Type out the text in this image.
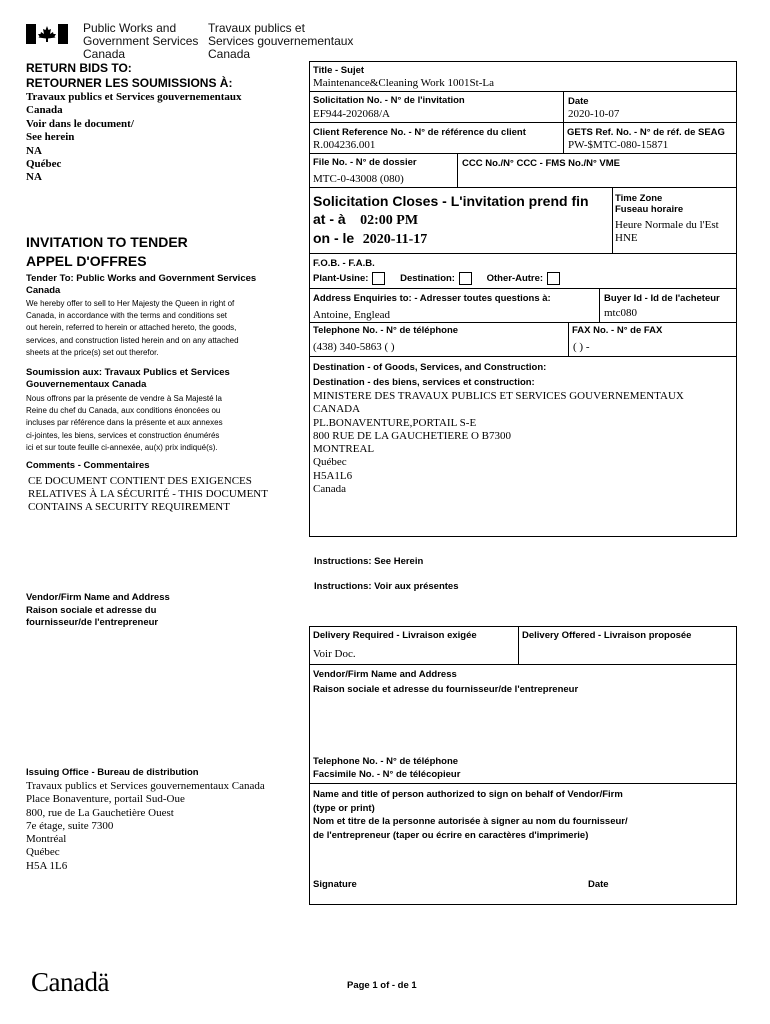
Public Works and
Government Services
Canada
Travaux publics et
Services gouvernementaux
Canada
RETURN BIDS TO:
RETOURNER LES SOUMISSIONS À:
Travaux publics et Services gouvernementaux
Canada
Voir dans le document/
See herein
NA
Québec
NA
INVITATION TO TENDER
APPEL D'OFFRES
Tender To: Public Works and Government Services
Canada
We hereby offer to sell to Her Majesty the Queen in right of
Canada, in accordance with the terms and conditions set
out herein, referred to herein or attached hereto, the goods,
services, and construction listed herein and on any attached
sheets at the price(s) set out therefor.
Soumission aux: Travaux Publics et Services
Gouvernementaux Canada
Nous offrons par la présente de vendre à Sa Majesté la
Reine du chef du Canada, aux conditions énoncées ou
incluses par référence dans la présente et aux annexes
ci-jointes, les biens, services et construction énumérés
ici et sur toute feuille ci-annexée, au(x) prix indiqué(s).
Comments - Commentaires
CE DOCUMENT CONTIENT DES EXIGENCES
RELATIVES À LA SÉCURITÉ - THIS DOCUMENT
CONTAINS A SECURITY REQUIREMENT
Vendor/Firm Name and Address
Raison sociale et adresse du
fournisseur/de l'entrepreneur
Issuing Office - Bureau de distribution
Travaux publics et Services gouvernementaux Canada
Place Bonaventure, portail Sud-Oue
800, rue de La Gauchetière Ouest
7e étage, suite 7300
Montréal
Québec
H5A 1L6
Title - Sujet
Maintenance&Cleaning Work 1001St-La
Solicitation No. - N° de l'invitation
EF944-202068/A
Date
2020-10-07
Client Reference No. - N° de référence du client
R.004236.001
GETS Ref. No. - N° de réf. de SEAG
PW-$MTC-080-15871
File No. - N° de dossier
MTC-0-43008 (080)
CCC No./N° CCC - FMS No./N° VME
Solicitation Closes - L'invitation prend fin
at - à 02:00 PM
on - le 2020-11-17
Time Zone
Fuseau horaire
Heure Normale du l'Est
HNE
F.O.B. - F.A.B.
Plant-Usine:	Destination:	Other-Autre:
Address Enquiries to: - Adresser toutes questions à:
Antoine, Englead
Buyer Id - Id de l'acheteur
mtc080
Telephone No. - N° de téléphone
(438) 340-5863 ( )
FAX No. - N° de FAX
( ) -
Destination - of Goods, Services, and Construction:
Destination - des biens, services et construction:
MINISTERE DES TRAVAUX PUBLICS ET SERVICES GOUVERNEMENTAUX
CANADA
PL.BONAVENTURE,PORTAIL S-E
800 RUE DE LA GAUCHETIERE O B7300
MONTREAL
Québec
H5A1L6
Canada
Instructions: See Herein
Instructions: Voir aux présentes
Delivery Required - Livraison exigée
Voir Doc.
Delivery Offered - Livraison proposée
Vendor/Firm Name and Address
Raison sociale et adresse du fournisseur/de l'entrepreneur
Telephone No. - N° de téléphone
Facsimile No. - N° de télécopieur
Name and title of person authorized to sign on behalf of Vendor/Firm
(type or print)
Nom et titre de la personne autorisée à signer au nom du fournisseur/
de l'entrepreneur (taper ou écrire en caractères d'imprimerie)
Signature	Date
Canadä	Page 1 of - de 1
